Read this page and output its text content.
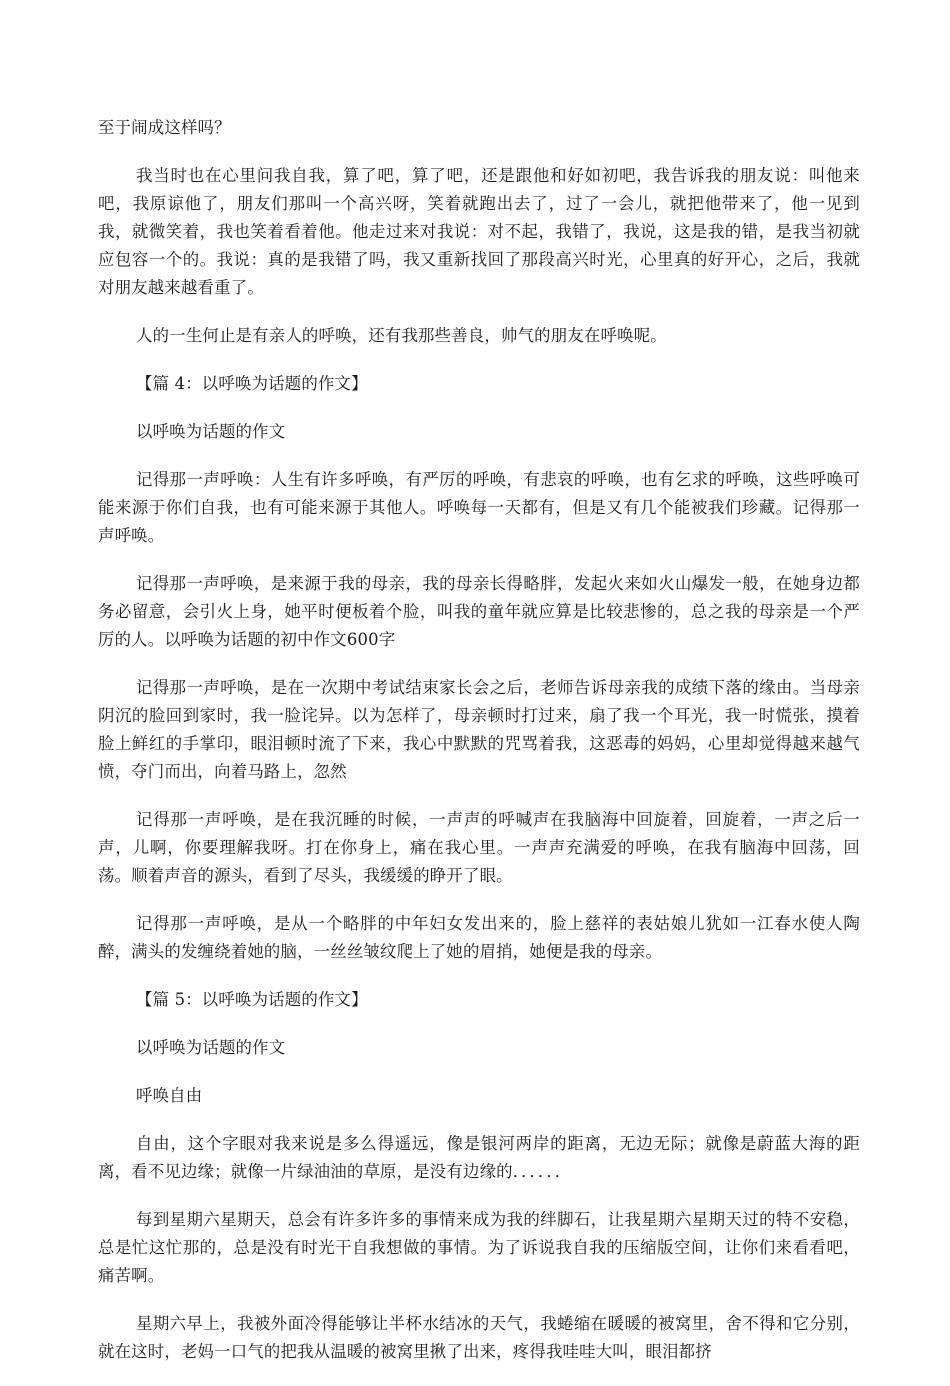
至于闹成这样吗？

我当时也在心里问我自我，算了吧，算了吧，还是跟他和好如初吧，我告诉我的朋友说：叫他来吧，我原谅他了，朋友们那叫一个高兴呀，笑着就跑出去了，过了一会儿，就把他带来了，他一见到我，就微笑着，我也笑着看着他。他走过来对我说：对不起，我错了，我说，这是我的错，是我当初就应包容一个的。我说：真的是我错了吗，我又重新找回了那段高兴时光，心里真的好开心，之后，我就对朋友越来越看重了。

人的一生何止是有亲人的呼唤，还有我那些善良，帅气的朋友在呼唤呢。

【篇 4：以呼唤为话题的作文】

以呼唤为话题的作文

记得那一声呼唤：人生有许多呼唤，有严厉的呼唤，有悲哀的呼唤，也有乞求的呼唤，这些呼唤可能来源于你们自我，也有可能来源于其他人。呼唤每一天都有，但是又有几个能被我们珍藏。记得那一声呼唤。

记得那一声呼唤，是来源于我的母亲，我的母亲长得略胖，发起火来如火山爆发一般，在她身边都务必留意，会引火上身，她平时便板着个脸，叫我的童年就应算是比较悲惨的，总之我的母亲是一个严厉的人。以呼唤为话题的初中作文600字

记得那一声呼唤，是在一次期中考试结束家长会之后，老师告诉母亲我的成绩下落的缘由。当母亲阴沉的脸回到家时，我一脸诧异。以为怎样了，母亲顿时打过来，扇了我一个耳光，我一时慌张，摸着脸上鲜红的手掌印，眼泪顿时流了下来，我心中默默的咒骂着我，这恶毒的妈妈，心里却觉得越来越气愤，夺门而出，向着马路上，忽然

记得那一声呼唤，是在我沉睡的时候，一声声的呼喊声在我脑海中回旋着，回旋着，一声之后一声，儿啊，你要理解我呀。打在你身上，痛在我心里。一声声充满爱的呼唤，在我有脑海中回荡，回荡。顺着声音的源头，看到了尽头，我缓缓的睁开了眼。

记得那一声呼唤，是从一个略胖的中年妇女发出来的，脸上慈祥的表姑娘儿犹如一江春水使人陶醉，满头的发缠绕着她的脑，一丝丝皱纹爬上了她的眉捎，她便是我的母亲。

【篇 5：以呼唤为话题的作文】

以呼唤为话题的作文

呼唤自由

自由，这个字眼对我来说是多么得遥远，像是银河两岸的距离，无边无际；就像是蔚蓝大海的距离，看不见边缘；就像一片绿油油的草原，是没有边缘的．．．．．．

每到星期六星期天，总会有许多许多的事情来成为我的绊脚石，让我星期六星期天过的特不安稳，总是忙这忙那的，总是没有时光干自我想做的事情。为了诉说我自我的压缩版空间，让你们来看看吧，痛苦啊。

星期六早上，我被外面冷得能够让半杯水结冰的天气，我蜷缩在暖暖的被窝里，舍不得和它分别，就在这时，老妈一口气的把我从温暖的被窝里揪了出来，疼得我哇哇大叫，眼泪都挤
